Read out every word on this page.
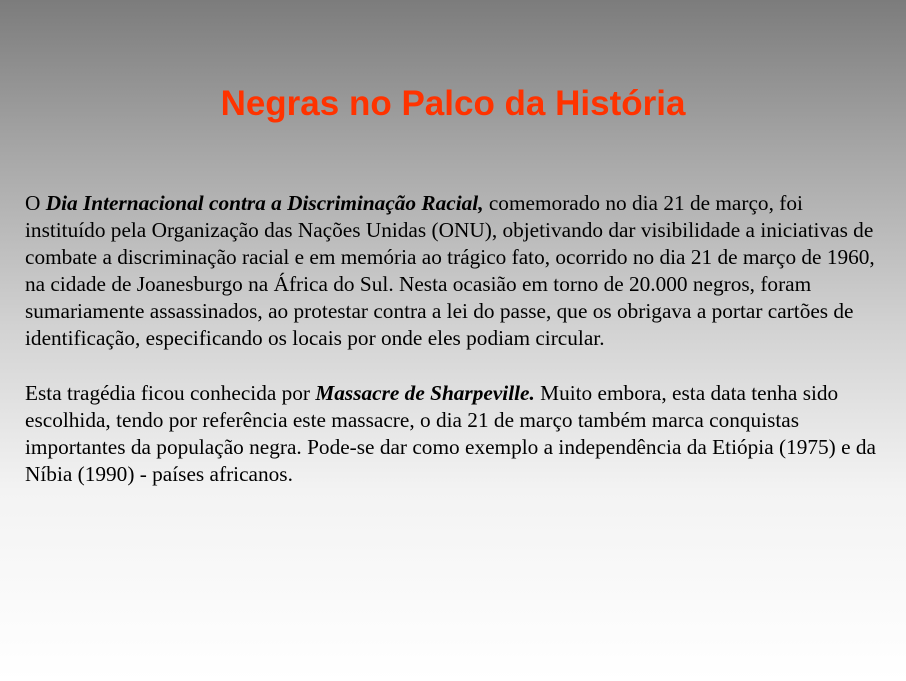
Negras no Palco da História

O Dia Internacional contra a Discriminação Racial, comemorado no dia 21 de março, foi instituído pela Organização das Nações Unidas (ONU), objetivando dar visibilidade a iniciativas de combate a discriminação racial e em memória ao trágico fato, ocorrido no dia 21 de março de 1960, na cidade de Joanesburgo na África do Sul. Nesta ocasião em torno de 20.000 negros, foram sumariamente assassinados, ao protestar contra a lei do passe, que os obrigava a portar cartões de identificação, especificando os locais por onde eles podiam circular.

Esta tragédia ficou conhecida por Massacre de Sharpeville. Muito embora, esta data tenha sido escolhida, tendo por referência este massacre, o dia 21 de março também marca conquistas importantes da população negra. Pode-se dar como exemplo a independência da Etiópia (1975) e da Níbia (1990) - países africanos.
